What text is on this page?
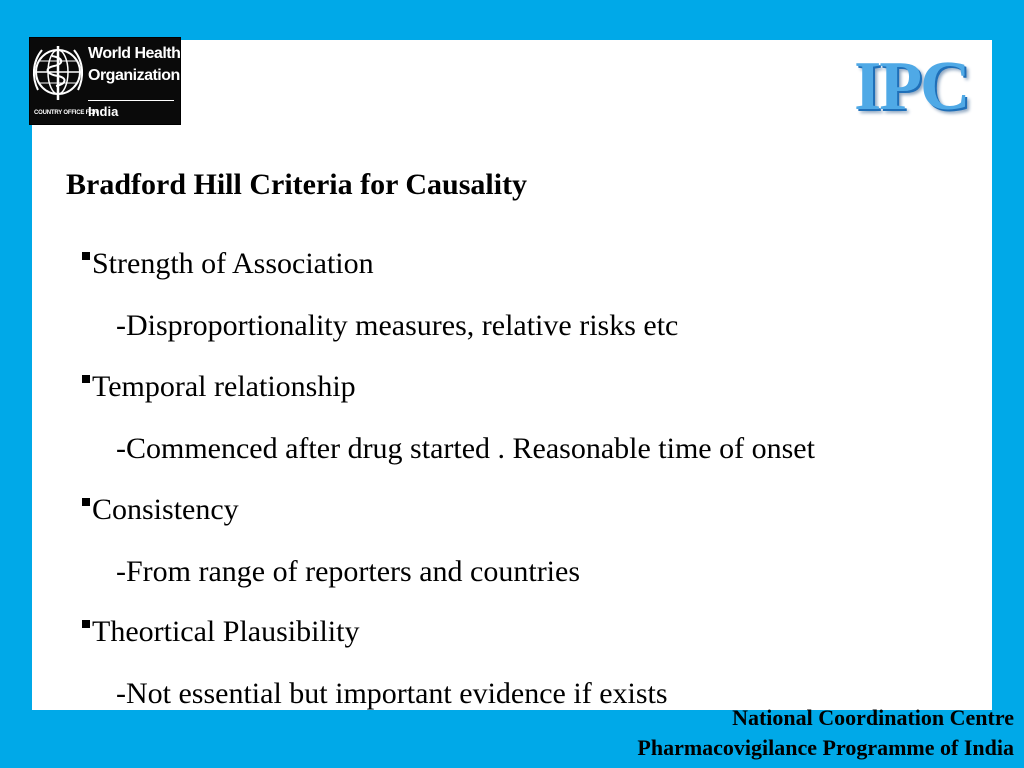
World Health
Organization
COUNTRY OFFICE FOR
India	IPC
Bradford Hill Criteria for Causality
Strength of Association
-Disproportionality measures, relative risks etc
Temporal relationship
-Commenced after drug started . Reasonable time of onset
Consistency
-From range of reporters and countries
Theortical Plausibility
-Not essential but important evidence if exists
National Coordination Centre
Pharmacovigilance Programme of India
